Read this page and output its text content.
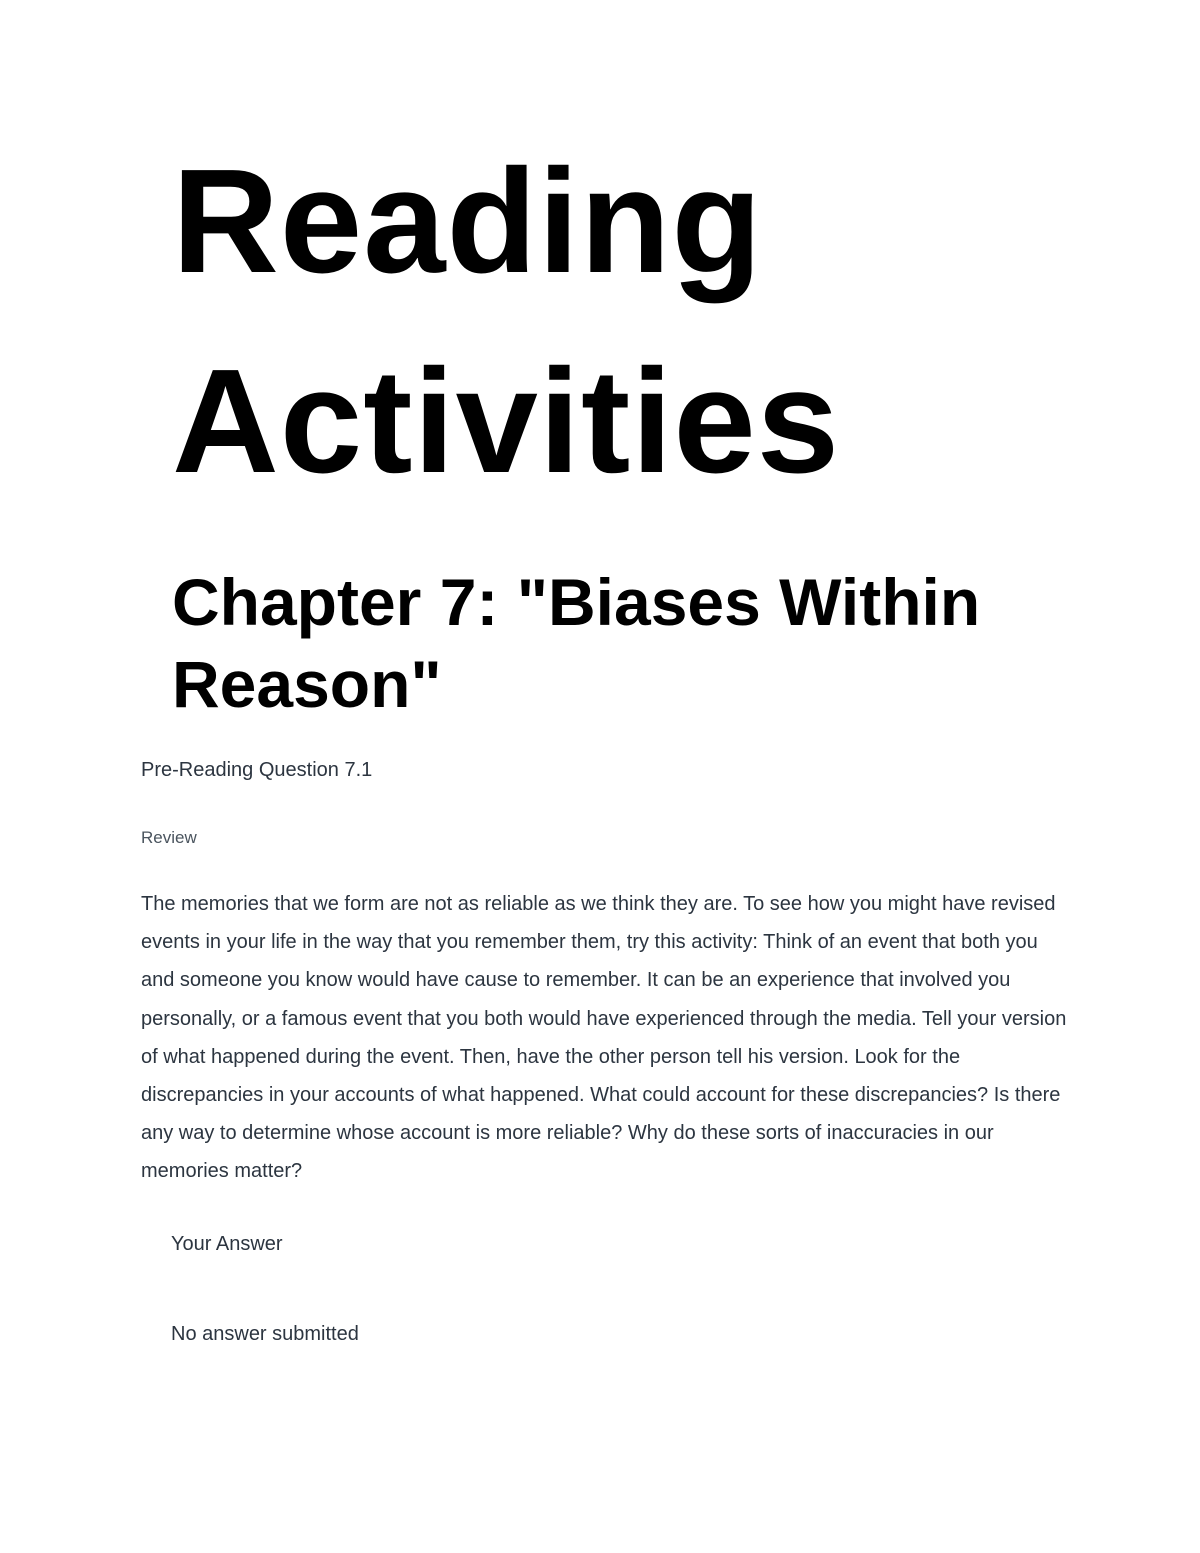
Reading
Activities
Chapter 7: "Biases Within Reason"

Pre-Reading Question 7.1

Review

The memories that we form are not as reliable as we think they are. To see how you might have revised events in your life in the way that you remember them, try this activity: Think of an event that both you and someone you know would have cause to remember. It can be an experience that involved you personally, or a famous event that you both would have experienced through the media. Tell your version of what happened during the event. Then, have the other person tell his version. Look for the discrepancies in your accounts of what happened. What could account for these discrepancies? Is there any way to determine whose account is more reliable? Why do these sorts of inaccuracies in our memories matter?

Your Answer

No answer submitted
